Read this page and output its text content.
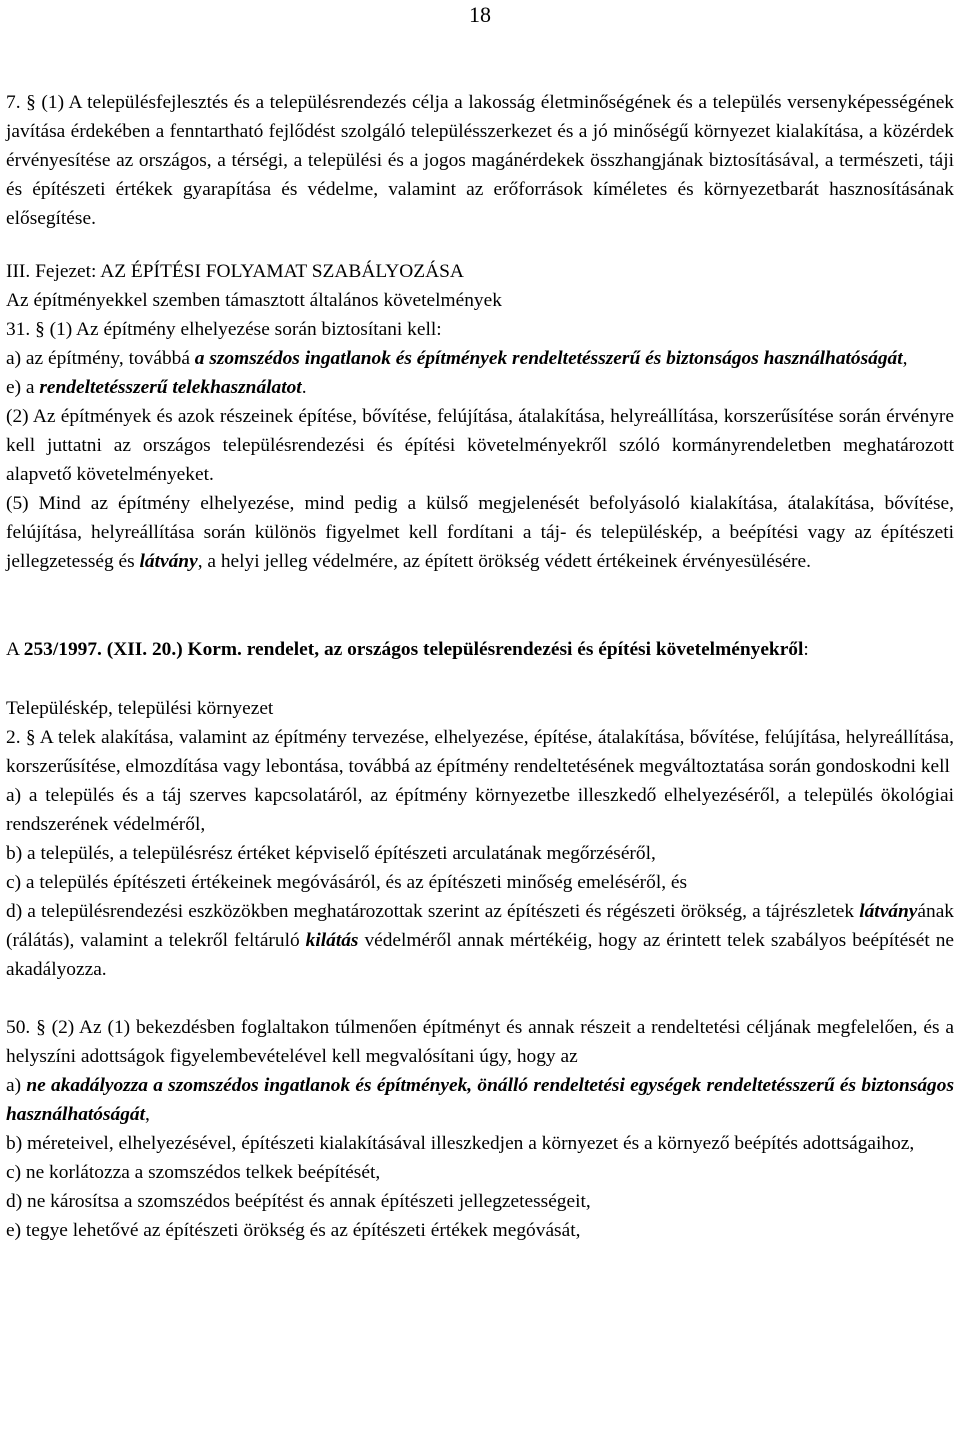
18

7. § (1) A településfejlesztés és a településrendezés célja a lakosság életminőségének és a település versenyképességének javítása érdekében a fenntartható fejlődést szolgáló településszerkezet és a jó minőségű környezet kialakítása, a közérdek érvényesítése az országos, a térségi, a települési és a jogos magánérdekek összhangjának biztosításával, a természeti, táji és építészeti értékek gyarapítása és védelme, valamint az erőforrások kíméletes és környezetbarát hasznosításának elősegítése.

III. Fejezet: AZ ÉPÍTÉSI FOLYAMAT SZABÁLYOZÁSA

Az építményekkel szemben támasztott általános követelmények

31. § (1) Az építmény elhelyezése során biztosítani kell:

a) az építmény, továbbá a szomszédos ingatlanok és építmények rendeltetésszerű és biztonságos használhatóságát,

e) a rendeltetésszerű telekhasználatot.

(2) Az építmények és azok részeinek építése, bővítése, felújítása, átalakítása, helyreállítása, korszerűsítése során érvényre kell juttatni az országos településrendezési és építési követelményekről szóló kormányrendeletben meghatározott alapvető követelményeket.

(5) Mind az építmény elhelyezése, mind pedig a külső megjelenését befolyásoló kialakítása, átalakítása, bővítése, felújítása, helyreállítása során különös figyelmet kell fordítani a táj- és településkép, a beépítési vagy az építészeti jellegzetesség és látvány, a helyi jelleg védelmére, az épített örökség védett értékeinek érvényesülésére.

A 253/1997. (XII. 20.) Korm. rendelet, az országos településrendezési és építési követelményekről:

Településkép, települési környezet

2. § A telek alakítása, valamint az építmény tervezése, elhelyezése, építése, átalakítása, bővítése, felújítása, helyreállítása, korszerűsítése, elmozdítása vagy lebontása, továbbá az építmény rendeltetésének megváltoztatása során gondoskodni kell

a) a település és a táj szerves kapcsolatáról, az építmény környezetbe illeszkedő elhelyezéséről, a település ökológiai rendszerének védelméről,

b) a település, a településrész értéket képviselő építészeti arculatának megőrzéséről,

c) a település építészeti értékeinek megóvásáról, és az építészeti minőség emeléséről, és

d) a településrendezési eszközökben meghatározottak szerint az építészeti és régészeti örökség, a tájrészletek látványának (rálátás), valamint a telekről feltáruló kilátás védelméről annak mértékéig, hogy az érintett telek szabályos beépítését ne akadályozza.

50. § (2) Az (1) bekezdésben foglaltakon túlmenően építményt és annak részeit a rendeltetési céljának megfelelően, és a helyszíni adottságok figyelembevételével kell megvalósítani úgy, hogy az

a) ne akadályozza a szomszédos ingatlanok és építmények, önálló rendeltetési egységek rendeltetésszerű és biztonságos használhatóságát,

b) méreteivel, elhelyezésével, építészeti kialakításával illeszkedjen a környezet és a környező beépítés adottságaihoz,

c) ne korlátozza a szomszédos telkek beépítését,

d) ne károsítsa a szomszédos beépítést és annak építészeti jellegzetességeit,

e) tegye lehetővé az építészeti örökség és az építészeti értékek megóvását,
